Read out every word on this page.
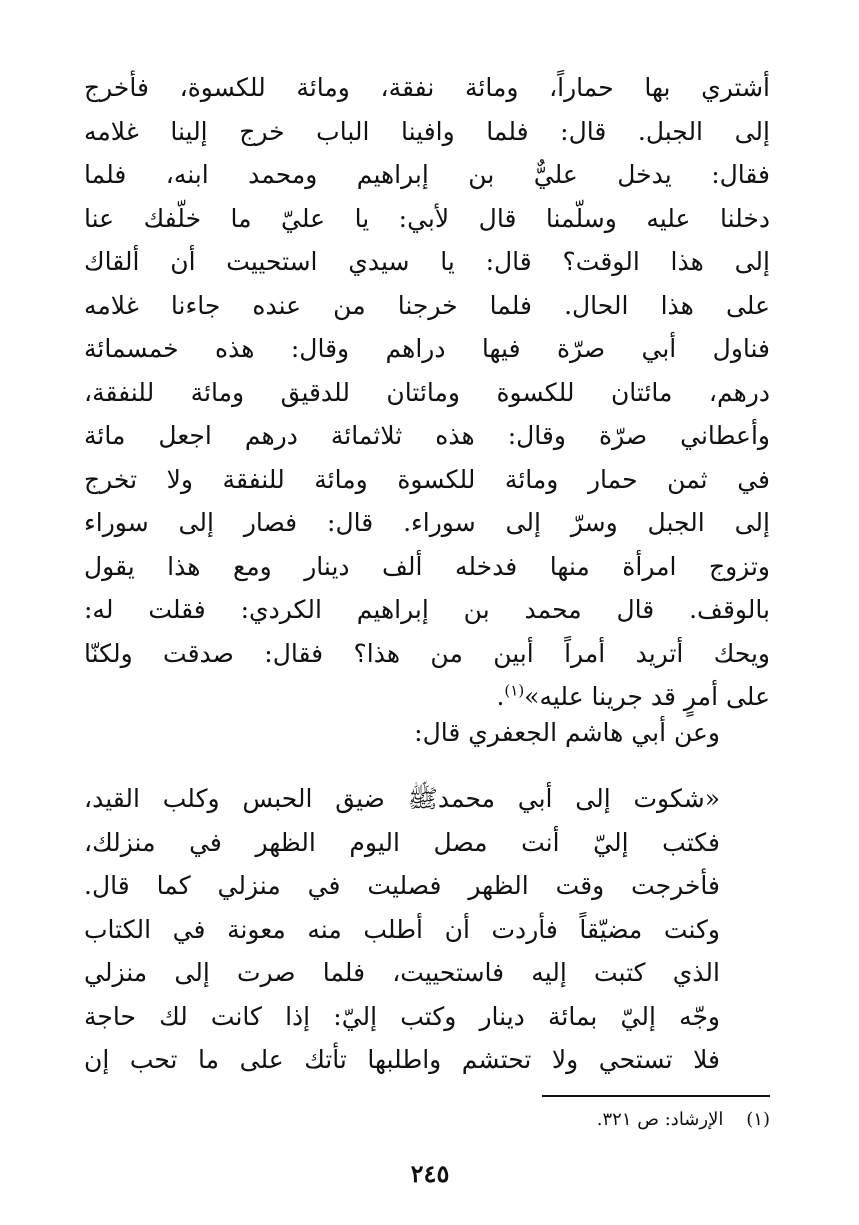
أشتري بها حماراً، ومائة نفقة، ومائة للكسوة، فأخرج
إلى الجبل. قال: فلما وافينا الباب خرج إلينا غلامه
فقال: يدخل عليٌّ بن إبراهيم ومحمد ابنه، فلما
دخلنا عليه وسلّمنا قال لأبي: يا عليّ ما خلّفك عنا
إلى هذا الوقت؟ قال: يا سيدي استحييت أن ألقاك
على هذا الحال. فلما خرجنا من عنده جاءنا غلامه
فناول أبي صرّة فيها دراهم وقال: هذه خمسمائة
درهم، مائتان للكسوة ومائتان للدقيق ومائة للنفقة،
وأعطاني صرّة وقال: هذه ثلاثمائة درهم اجعل مائة
في ثمن حمار ومائة للكسوة ومائة للنفقة ولا تخرج
إلى الجبل وسرّ إلى سوراء. قال: فصار إلى سوراء
وتزوج امرأة منها فدخله ألف دينار ومع هذا يقول
بالوقف. قال محمد بن إبراهيم الكردي: فقلت له:
ويحك أتريد أمراً أبين من هذا؟ فقال: صدقت ولكنّا
على أمرٍ قد جرينا عليه»$^{(١)}$.
وعن أبي هاشم الجعفري قال:
«شكوت إلى أبي محمدﷺ ضيق الحبس وكلب القيد،
فكتب إليّ أنت مصل اليوم الظهر في منزلك،
فأخرجت وقت الظهر فصليت في منزلي كما قال.
وكنت مضيّقاً فأردت أن أطلب منه معونة في الكتاب
الذي كتبت إليه فاستحييت، فلما صرت إلى منزلي
وجّه إليّ بمائة دينار وكتب إليّ: إذا كانت لك حاجة
فلا تستحي ولا تحتشم واطلبها تأتك على ما تحب إن
(١)    الإرشاد: ص ٣٢١.
٢٤٥
